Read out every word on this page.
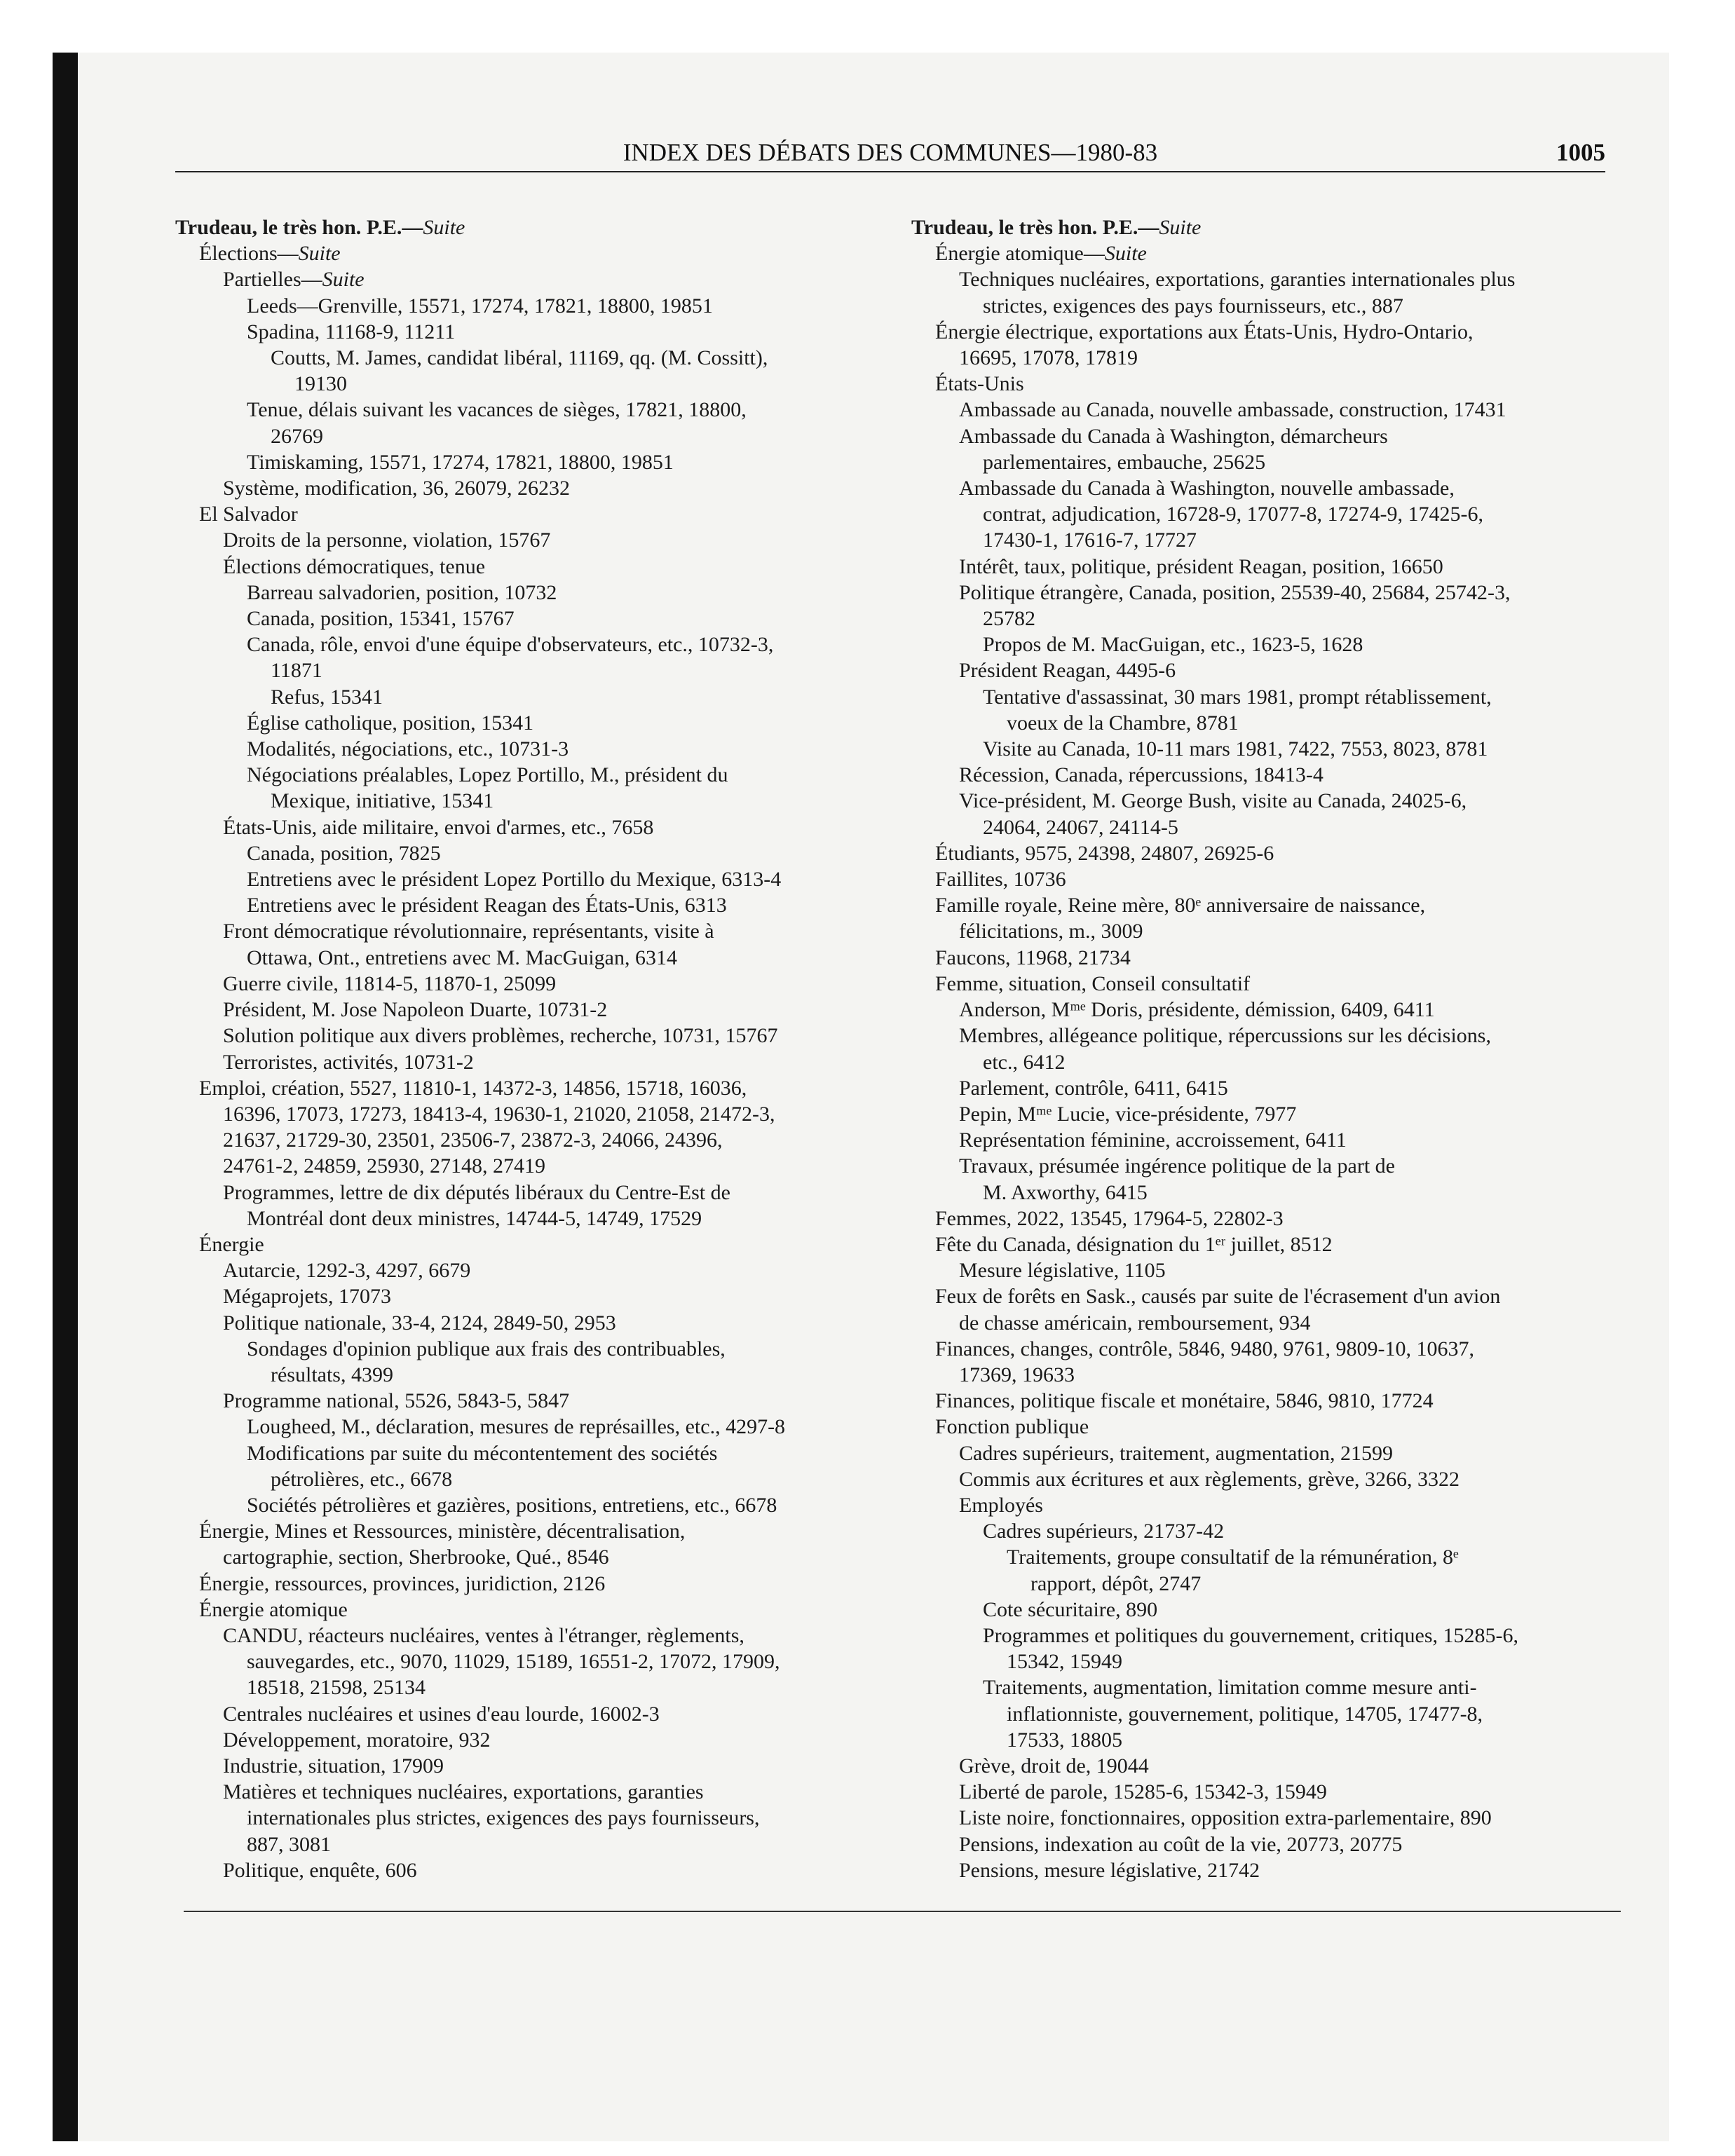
INDEX DES DÉBATS DES COMMUNES—1980-83	1005
Trudeau, le très hon. P.E.—Suite
Élections—Suite
Partielles—Suite
Leeds—Grenville, 15571, 17274, 17821, 18800, 19851
Spadina, 11168-9, 11211
Coutts, M. James, candidat libéral, 11169, qq. (M. Cossitt),
19130
Tenue, délais suivant les vacances de sièges, 17821, 18800,
26769
Timiskaming, 15571, 17274, 17821, 18800, 19851
Système, modification, 36, 26079, 26232
El Salvador
Droits de la personne, violation, 15767
Élections démocratiques, tenue
Barreau salvadorien, position, 10732
Canada, position, 15341, 15767
Canada, rôle, envoi d'une équipe d'observateurs, etc., 10732-3,
11871
Refus, 15341
Église catholique, position, 15341
Modalités, négociations, etc., 10731-3
Négociations préalables, Lopez Portillo, M., président du
Mexique, initiative, 15341
États-Unis, aide militaire, envoi d'armes, etc., 7658
Canada, position, 7825
Entretiens avec le président Lopez Portillo du Mexique, 6313-4
Entretiens avec le président Reagan des États-Unis, 6313
Front démocratique révolutionnaire, représentants, visite à
Ottawa, Ont., entretiens avec M. MacGuigan, 6314
Guerre civile, 11814-5, 11870-1, 25099
Président, M. Jose Napoleon Duarte, 10731-2
Solution politique aux divers problèmes, recherche, 10731, 15767
Terroristes, activités, 10731-2
Emploi, création, 5527, 11810-1, 14372-3, 14856, 15718, 16036,
16396, 17073, 17273, 18413-4, 19630-1, 21020, 21058, 21472-3,
21637, 21729-30, 23501, 23506-7, 23872-3, 24066, 24396,
24761-2, 24859, 25930, 27148, 27419
Programmes, lettre de dix députés libéraux du Centre-Est de
Montréal dont deux ministres, 14744-5, 14749, 17529
Énergie
Autarcie, 1292-3, 4297, 6679
Mégaprojets, 17073
Politique nationale, 33-4, 2124, 2849-50, 2953
Sondages d'opinion publique aux frais des contribuables,
résultats, 4399
Programme national, 5526, 5843-5, 5847
Lougheed, M., déclaration, mesures de représailles, etc., 4297-8
Modifications par suite du mécontentement des sociétés
pétrolières, etc., 6678
Sociétés pétrolières et gazières, positions, entretiens, etc., 6678
Énergie, Mines et Ressources, ministère, décentralisation,
cartographie, section, Sherbrooke, Qué., 8546
Énergie, ressources, provinces, juridiction, 2126
Énergie atomique
CANDU, réacteurs nucléaires, ventes à l'étranger, règlements,
sauvegardes, etc., 9070, 11029, 15189, 16551-2, 17072, 17909,
18518, 21598, 25134
Centrales nucléaires et usines d'eau lourde, 16002-3
Développement, moratoire, 932
Industrie, situation, 17909
Matières et techniques nucléaires, exportations, garanties
internationales plus strictes, exigences des pays fournisseurs,
887, 3081
Politique, enquête, 606
Trudeau, le très hon. P.E.—Suite
Énergie atomique—Suite
Techniques nucléaires, exportations, garanties internationales plus
strictes, exigences des pays fournisseurs, etc., 887
Énergie électrique, exportations aux États-Unis, Hydro-Ontario,
16695, 17078, 17819
États-Unis
Ambassade au Canada, nouvelle ambassade, construction, 17431
Ambassade du Canada à Washington, démarcheurs
parlementaires, embauche, 25625
Ambassade du Canada à Washington, nouvelle ambassade,
contrat, adjudication, 16728-9, 17077-8, 17274-9, 17425-6,
17430-1, 17616-7, 17727
Intérêt, taux, politique, président Reagan, position, 16650
Politique étrangère, Canada, position, 25539-40, 25684, 25742-3,
25782
Propos de M. MacGuigan, etc., 1623-5, 1628
Président Reagan, 4495-6
Tentative d'assassinat, 30 mars 1981, prompt rétablissement,
voeux de la Chambre, 8781
Visite au Canada, 10-11 mars 1981, 7422, 7553, 8023, 8781
Récession, Canada, répercussions, 18413-4
Vice-président, M. George Bush, visite au Canada, 24025-6,
24064, 24067, 24114-5
Étudiants, 9575, 24398, 24807, 26925-6
Faillites, 10736
Famille royale, Reine mère, 80ᵉ anniversaire de naissance,
félicitations, m., 3009
Faucons, 11968, 21734
Femme, situation, Conseil consultatif
Anderson, Mᵐᵉ Doris, présidente, démission, 6409, 6411
Membres, allégeance politique, répercussions sur les décisions,
etc., 6412
Parlement, contrôle, 6411, 6415
Pepin, Mᵐᵉ Lucie, vice-présidente, 7977
Représentation féminine, accroissement, 6411
Travaux, présumée ingérence politique de la part de
M. Axworthy, 6415
Femmes, 2022, 13545, 17964-5, 22802-3
Fête du Canada, désignation du 1ᵉʳ juillet, 8512
Mesure législative, 1105
Feux de forêts en Sask., causés par suite de l'écrasement d'un avion
de chasse américain, remboursement, 934
Finances, changes, contrôle, 5846, 9480, 9761, 9809-10, 10637,
17369, 19633
Finances, politique fiscale et monétaire, 5846, 9810, 17724
Fonction publique
Cadres supérieurs, traitement, augmentation, 21599
Commis aux écritures et aux règlements, grève, 3266, 3322
Employés
Cadres supérieurs, 21737-42
Traitements, groupe consultatif de la rémunération, 8ᵉ
rapport, dépôt, 2747
Cote sécuritaire, 890
Programmes et politiques du gouvernement, critiques, 15285-6,
15342, 15949
Traitements, augmentation, limitation comme mesure anti-
inflationniste, gouvernement, politique, 14705, 17477-8,
17533, 18805
Grève, droit de, 19044
Liberté de parole, 15285-6, 15342-3, 15949
Liste noire, fonctionnaires, opposition extra-parlementaire, 890
Pensions, indexation au coût de la vie, 20773, 20775
Pensions, mesure législative, 21742
